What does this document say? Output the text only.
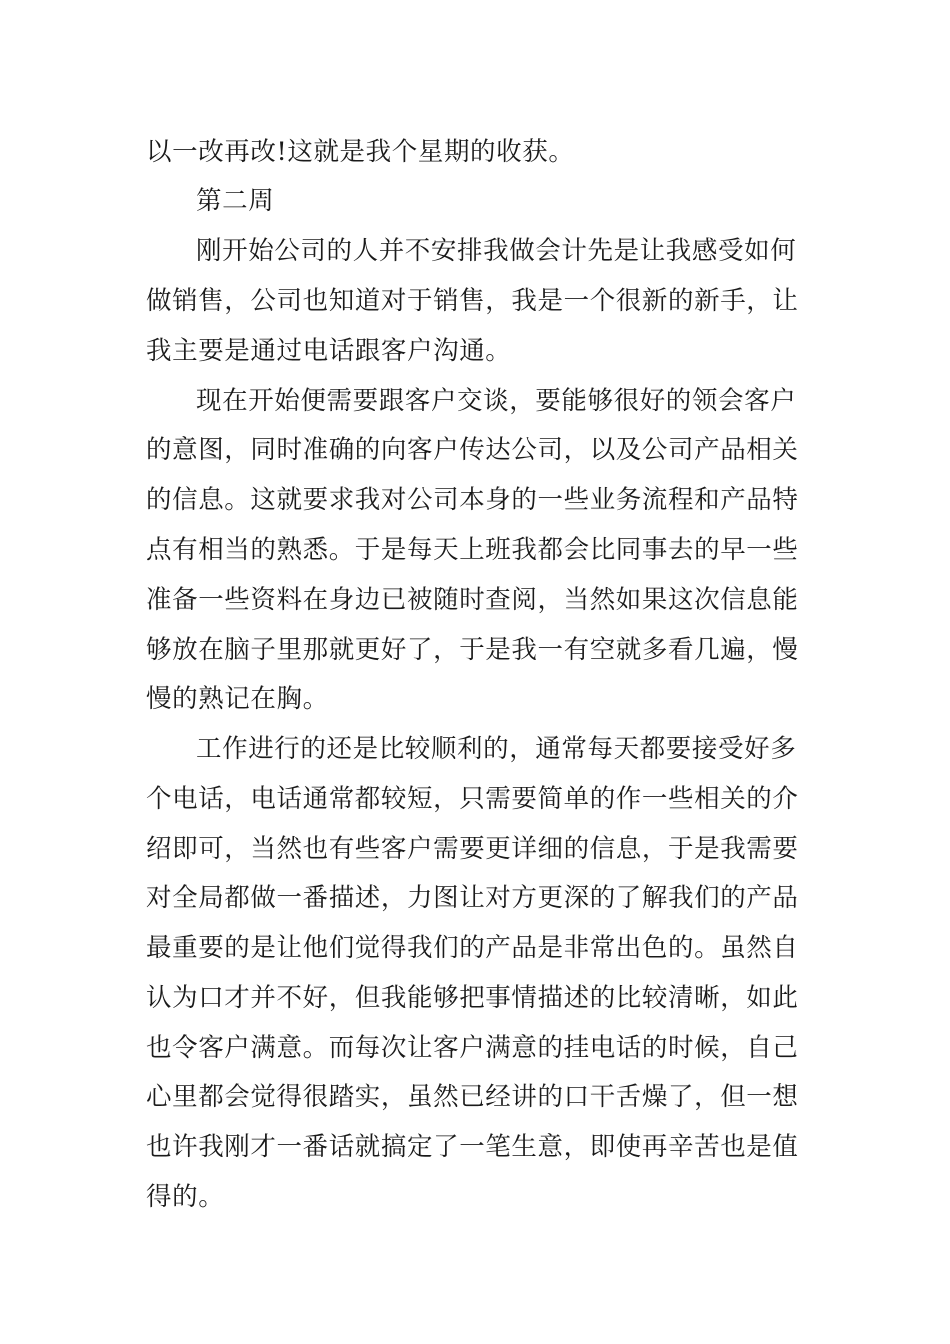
以一改再改!这就是我个星期的收获。

第二周

刚开始公司的人并不安排我做会计先是让我感受如何

做销售，公司也知道对于销售，我是一个很新的新手，让

我主要是通过电话跟客户沟通。

现在开始便需要跟客户交谈，要能够很好的领会客户

的意图，同时准确的向客户传达公司，以及公司产品相关

的信息。这就要求我对公司本身的一些业务流程和产品特

点有相当的熟悉。于是每天上班我都会比同事去的早一些

准备一些资料在身边已被随时查阅，当然如果这次信息能

够放在脑子里那就更好了，于是我一有空就多看几遍，慢

慢的熟记在胸。

工作进行的还是比较顺利的，通常每天都要接受好多

个电话，电话通常都较短，只需要简单的作一些相关的介

绍即可，当然也有些客户需要更详细的信息，于是我需要

对全局都做一番描述，力图让对方更深的了解我们的产品

最重要的是让他们觉得我们的产品是非常出色的。虽然自

认为口才并不好，但我能够把事情描述的比较清晰，如此

也令客户满意。而每次让客户满意的挂电话的时候，自己

心里都会觉得很踏实，虽然已经讲的口干舌燥了，但一想

也许我刚才一番话就搞定了一笔生意，即使再辛苦也是值

得的。
